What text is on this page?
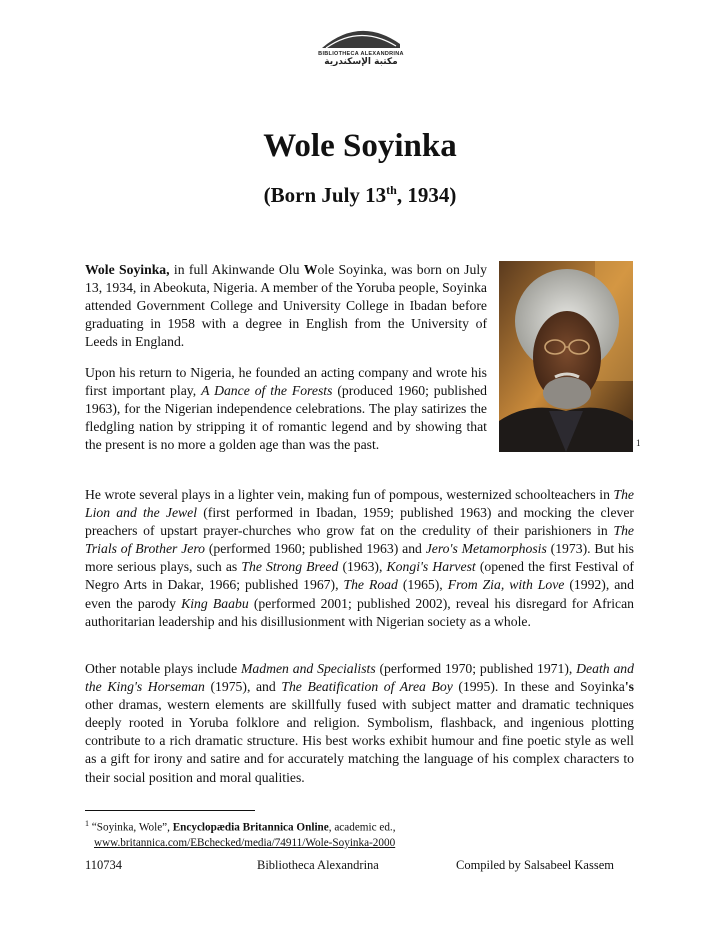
BIBLIOTHECA ALEXANDRINA
مكتبة الإسكندرية
Wole Soyinka
(Born July 13th, 1934)

Wole Soyinka, in full Akinwande Olu Wole Soyinka, was born on July 13, 1934, in Abeokuta, Nigeria. A member of the Yoruba people, Soyinka attended Government College and University College in Ibadan before graduating in 1958 with a degree in English from the University of Leeds in England.

Upon his return to Nigeria, he founded an acting company and wrote his first important play, A Dance of the Forests (produced 1960; published 1963), for the Nigerian independence celebrations. The play satirizes the fledgling nation by stripping it of romantic legend and by showing that the present is no more a golden age than was the past.	1

He wrote several plays in a lighter vein, making fun of pompous, westernized schoolteachers in The Lion and the Jewel (first performed in Ibadan, 1959; published 1963) and mocking the clever preachers of upstart prayer-churches who grow fat on the credulity of their parishioners in The Trials of Brother Jero (performed 1960; published 1963) and Jero's Metamorphosis (1973). But his more serious plays, such as The Strong Breed (1963), Kongi's Harvest (opened the first Festival of Negro Arts in Dakar, 1966; published 1967), The Road (1965), From Zia, with Love (1992), and even the parody King Baabu (performed 2001; published 2002), reveal his disregard for African authoritarian leadership and his disillusionment with Nigerian society as a whole.

Other notable plays include Madmen and Specialists (performed 1970; published 1971), Death and the King's Horseman (1975), and The Beatification of Area Boy (1995). In these and Soyinka's other dramas, western elements are skillfully fused with subject matter and dramatic techniques deeply rooted in Yoruba folklore and religion. Symbolism, flashback, and ingenious plotting contribute to a rich dramatic structure. His best works exhibit humour and fine poetic style as well as a gift for irony and satire and for accurately matching the language of his complex characters to their social position and moral qualities.

$^1$ “Soyinka, Wole”, Encyclopædia Britannica Online, academic ed.,
www.britannica.com/EBchecked/media/74911/Wole-Soyinka-2000
110734	Bibliotheca Alexandrina	Compiled by Salsabeel Kassem
